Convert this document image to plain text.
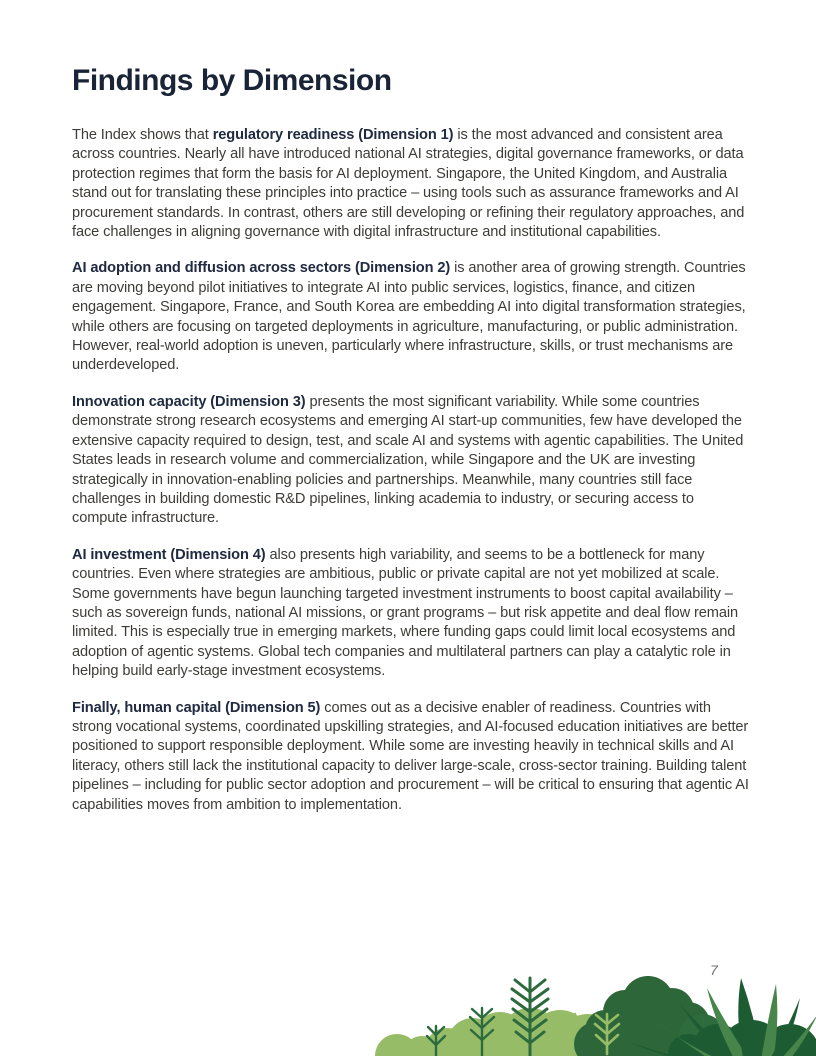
Findings by Dimension

The Index shows that regulatory readiness (Dimension 1) is the most advanced and consistent area across countries. Nearly all have introduced national AI strategies, digital governance frameworks, or data protection regimes that form the basis for AI deployment. Singapore, the United Kingdom, and Australia stand out for translating these principles into practice – using tools such as assurance frameworks and AI procurement standards. In contrast, others are still developing or refining their regulatory approaches, and face challenges in aligning governance with digital infrastructure and institutional capabilities.

AI adoption and diffusion across sectors (Dimension 2) is another area of growing strength. Countries are moving beyond pilot initiatives to integrate AI into public services, logistics, finance, and citizen engagement. Singapore, France, and South Korea are embedding AI into digital transformation strategies, while others are focusing on targeted deployments in agriculture, manufacturing, or public administration. However, real-world adoption is uneven, particularly where infrastructure, skills, or trust mechanisms are underdeveloped.

Innovation capacity (Dimension 3) presents the most significant variability. While some countries demonstrate strong research ecosystems and emerging AI start-up communities, few have developed the extensive capacity required to design, test, and scale AI and systems with agentic capabilities. The United States leads in research volume and commercialization, while Singapore and the UK are investing strategically in innovation-enabling policies and partnerships. Meanwhile, many countries still face challenges in building domestic R&D pipelines, linking academia to industry, or securing access to compute infrastructure.

AI investment (Dimension 4) also presents high variability, and seems to be a bottleneck for many countries. Even where strategies are ambitious, public or private capital are not yet mobilized at scale. Some governments have begun launching targeted investment instruments to boost capital availability – such as sovereign funds, national AI missions, or grant programs – but risk appetite and deal flow remain limited. This is especially true in emerging markets, where funding gaps could limit local ecosystems and adoption of agentic systems. Global tech companies and multilateral partners can play a catalytic role in helping build early-stage investment ecosystems.

Finally, human capital (Dimension 5) comes out as a decisive enabler of readiness. Countries with strong vocational systems, coordinated upskilling strategies, and AI-focused education initiatives are better positioned to support responsible deployment. While some are investing heavily in technical skills and AI literacy, others still lack the institutional capacity to deliver large-scale, cross-sector training. Building talent pipelines – including for public sector adoption and procurement – will be critical to ensuring that agentic AI capabilities moves from ambition to implementation.

7
